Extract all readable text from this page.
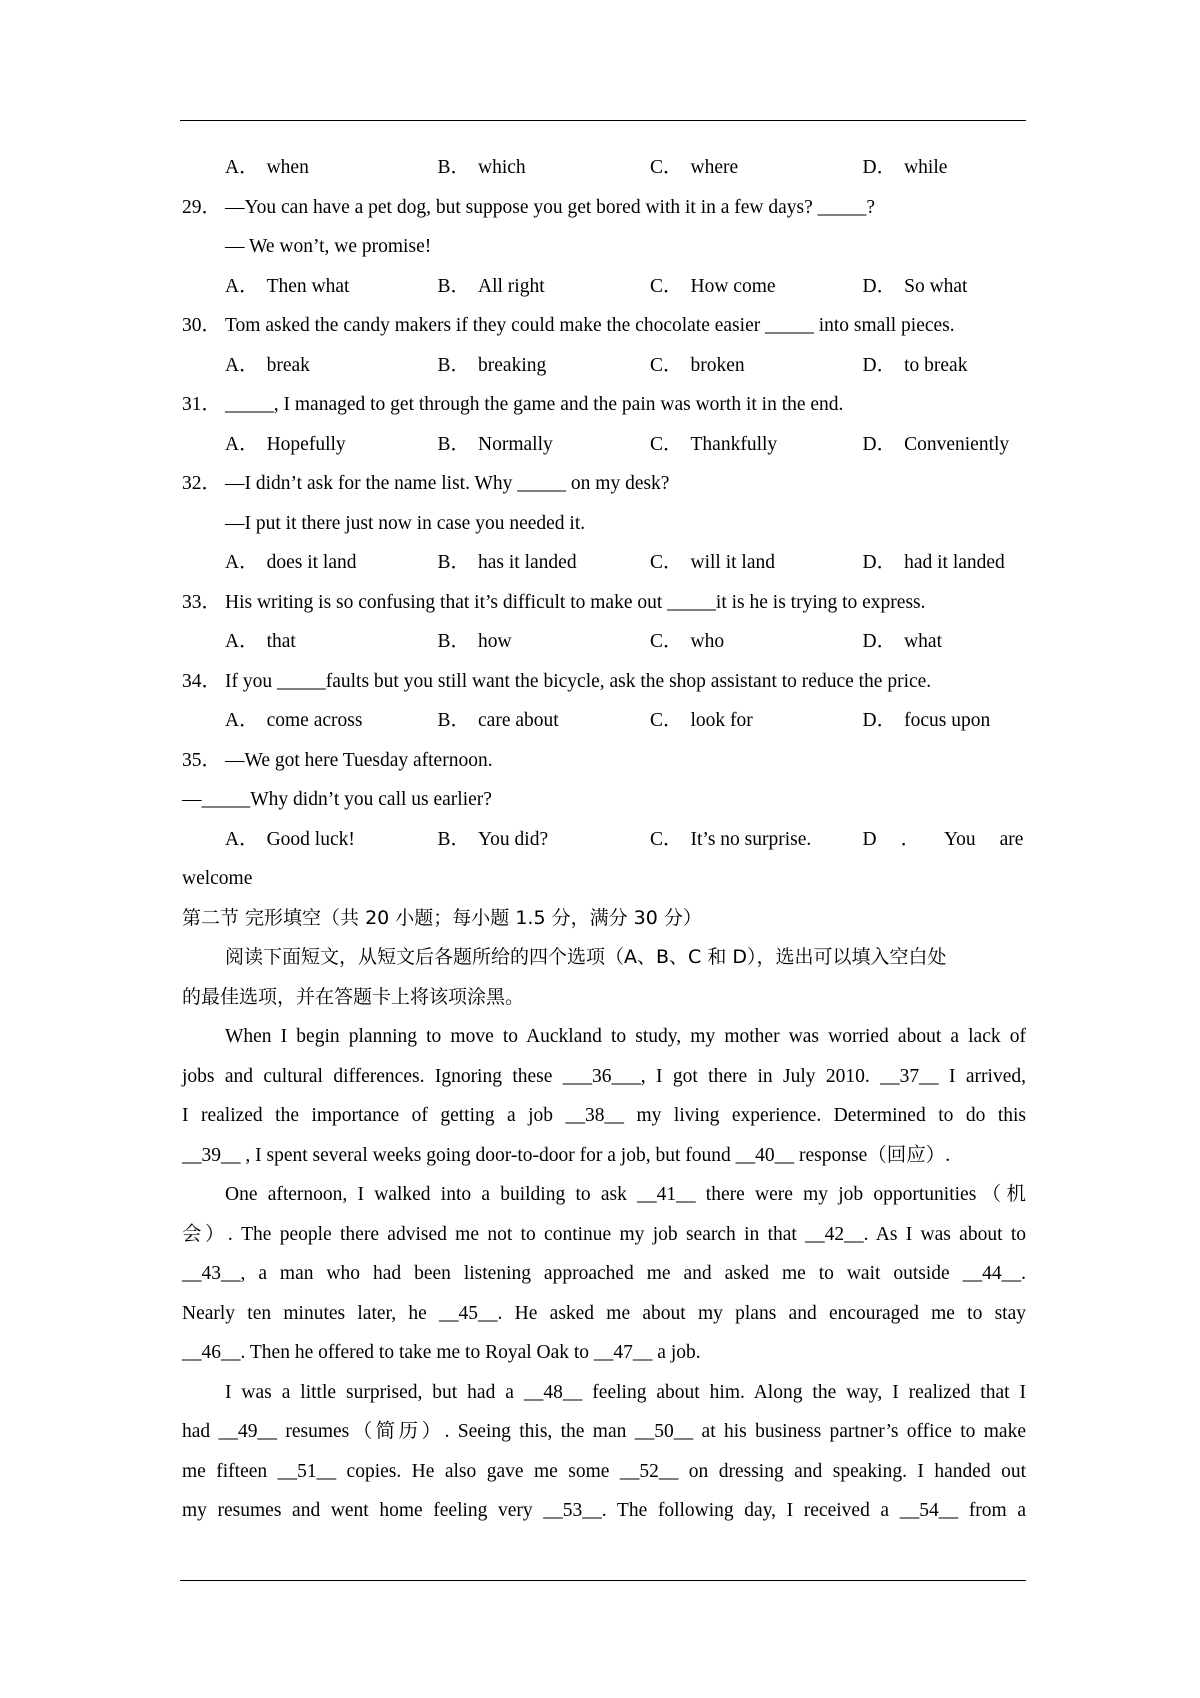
A． when	B． which	C． where	D． while
29． —You can have a pet dog, but suppose you get bored with it in a few days? _____?
— We won’t, we promise!
A． Then what	B． All right	C． How come	D． So what
30． Tom asked the candy makers if they could make the chocolate easier _____ into small pieces.
A． break	B． breaking	C． broken	D． to break
31． _____, I managed to get through the game and the pain was worth it in the end.
A． Hopefully	B． Normally	C． Thankfully	D． Conveniently
32． —I didn’t ask for the name list. Why _____ on my desk?
—I put it there just now in case you needed it.
A． does it land	B． has it landed	C． will it land	D． had it landed
33． His writing is so confusing that it’s difficult to make out _____it is he is trying to express.
A． that	B． how	C． who	D． what
34． If you _____faults but you still want the bicycle, ask the shop assistant to reduce the price.
A． come across	B． care about	C． look for	D． focus upon
35． —We got here Tuesday afternoon.
—_____Why didn’t you call us earlier?
A． Good luck!	B． You did?	C． It’s no surprise.	D ． You are
welcome
第二节 完形填空（共 20 小题；每小题 1.5 分，满分 30 分）
阅读下面短文，从短文后各题所给的四个选项（A、B、C 和 D），选出可以填入空白处
的最佳选项，并在答题卡上将该项涂黑。
When I begin planning to move to Auckland to study, my mother was worried about a lack of
jobs and cultural differences. Ignoring these ___36___, I got there in July 2010. __37__ I arrived,
I realized the importance of getting a job __38__ my living experience. Determined to do this
__39__ , I spent several weeks going door-to-door for a job, but found __40__ response（回应）.
One afternoon, I walked into a building to ask __41__ there were my job opportunities（机
会）. The people there advised me not to continue my job search in that __42__. As I was about to
__43__, a man who had been listening approached me and asked me to wait outside __44__.
Nearly ten minutes later, he __45__. He asked me about my plans and encouraged me to stay
__46__. Then he offered to take me to Royal Oak to __47__ a job.
I was a little surprised, but had a __48__ feeling about him. Along the way, I realized that I
had __49__ resumes（简历）. Seeing this, the man __50__ at his business partner’s office to make
me fifteen __51__ copies. He also gave me some __52__ on dressing and speaking. I handed out
my resumes and went home feeling very __53__. The following day, I received a __54__ from a
